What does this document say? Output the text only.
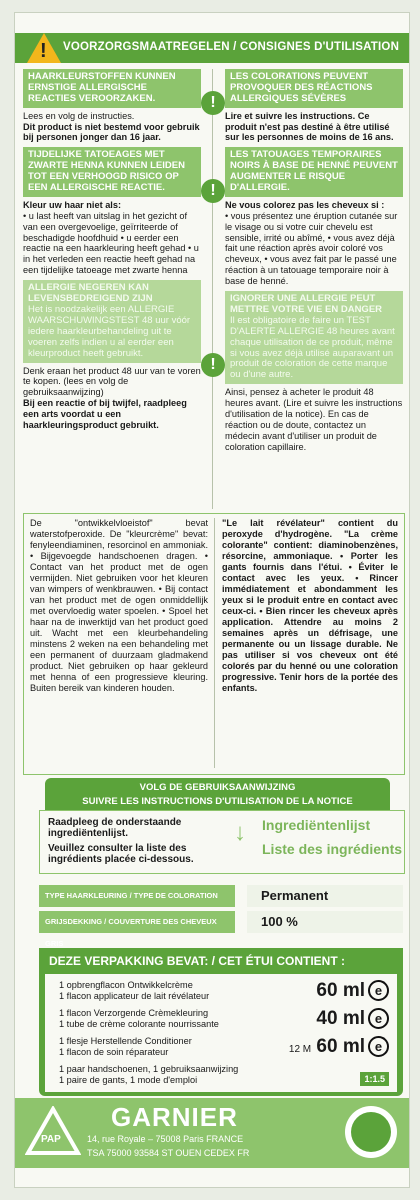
VOORZORGSMAATREGELEN / CONSIGNES D'UTILISATION
!
HAARKLEURSTOFFEN KUNNEN ERNSTIGE ALLERGISCHE REACTIES VEROORZAKEN.
Lees en volg de instructies.
Dit product is niet bestemd voor gebruik bij personen jonger dan 16 jaar.
TIJDELIJKE TATOEAGES MET ZWARTE HENNA KUNNEN LEIDEN TOT EEN VERHOOGD RISICO OP EEN ALLERGISCHE REACTIE.
Kleur uw haar niet als:
• u last heeft van uitslag in het gezicht of van een overgevoelige, geïrriteerde of beschadigde hoofdhuid • u eerder een reactie na een haarkleuring heeft gehad • u in het verleden een reactie heeft gehad na een tijdelijke tatoeage met zwarte henna
ALLERGIE NEGEREN KAN LEVENSBEDREIGEND ZIJN
Het is noodzakelijk een ALLERGIE WAARSCHUWINGSTEST 48 uur vóór iedere haarkleurbehandeling uit te voeren zelfs indien u al eerder een kleurproduct heeft gebruikt.
Denk eraan het product 48 uur van te voren te kopen. (lees en volg de gebruiksaanwijzing)
Bij een reactie of bij twijfel, raadpleeg een arts voordat u een haarkleuringsproduct gebruikt.
!
!
!
LES COLORATIONS PEUVENT PROVOQUER DES RÉACTIONS ALLERGIQUES SÉVÈRES
Lire et suivre les instructions. Ce produit n'est pas destiné à être utilisé sur les personnes de moins de 16 ans.
LES TATOUAGES TEMPORAIRES NOIRS À BASE DE HENNÉ PEUVENT AUGMENTER LE RISQUE D'ALLERGIE.
Ne vous colorez pas les cheveux si :
• vous présentez une éruption cutanée sur le visage ou si votre cuir chevelu est sensible, irrité ou abîmé, • vous avez déjà fait une réaction après avoir coloré vos cheveux, • vous avez fait par le passé une réaction à un tatouage temporaire noir à base de henné.
IGNORER UNE ALLERGIE PEUT METTRE VOTRE VIE EN DANGER
Il est obligatoire de faire un TEST D'ALERTE ALLERGIE 48 heures avant chaque utilisation de ce produit, même si vous avez déjà utilisé auparavant un produit de coloration de cette marque ou d'une autre.
Ainsi, pensez à acheter le produit 48 heures avant. (Lire et suivre les instructions d'utilisation de la notice). En cas de réaction ou de doute, contactez un médecin avant d'utiliser un produit de coloration capillaire.
De "ontwikkelvloeistof" bevat waterstofperoxide. De "kleurcrème" bevat: fenyleendiaminen, resorcinol en ammoniak. • Bijgevoegde handschoenen dragen. • Contact van het product met de ogen vermijden. Niet gebruiken voor het kleuren van wimpers of wenkbrauwen. • Bij contact van het product met de ogen onmiddellijk met overvloedig water spoelen. • Spoel het haar na de inwerktijd van het product goed uit. Wacht met een kleurbehandeling minstens 2 weken na een behandeling met een permanent of duurzaam gladmakend product. Niet gebruiken op haar gekleurd met henna of een progressieve kleuring. Buiten bereik van kinderen houden.
"Le lait révélateur" contient du peroxyde d'hydrogène. "La crème colorante" contient: diaminobenzènes, résorcine, ammoniaque. • Porter les gants fournis dans l'étui. • Éviter le contact avec les yeux. • Rincer immédiatement et abondamment les yeux si le produit entre en contact avec ceux-ci. • Bien rincer les cheveux après application. Attendre au moins 2 semaines après un défrisage, une permanente ou un lissage durable. Ne pas utiliser si vos cheveux ont été colorés par du henné ou une coloration progressive. Tenir hors de la portée des enfants.
VOLG DE GEBRUIKSAANWIJZING
SUIVRE LES INSTRUCTIONS D'UTILISATION DE LA NOTICE
Raadpleeg de onderstaande ingrediëntenlijst.
Veuillez consulter la liste des ingrédients placée ci-dessous.
↓ Ingrediëntenlijst
Liste des ingrédients
TYPE HAARKLEURING / TYPE DE COLORATION	Permanent
GRIJSDEKKING / COUVERTURE DES CHEVEUX GRIS
100 %
DEZE VERPAKKING BEVAT: / CET ÉTUI CONTIENT :
1 opbrengflacon Ontwikkelcrème
1 flacon applicateur de lait révélateur	60 ml e
1 flacon Verzorgende Crèmekleuring
1 tube de crème colorante nourrissante	40 ml e
1 flesje Herstellende Conditioner
1 flacon de soin réparateur	12 M 60 ml e
1 paar handschoenen, 1 gebruiksaanwijzing
1 paire de gants, 1 mode d'emploi	1:1.5
PAP
GARNIER
14, rue Royale – 75008 Paris FRANCE
TSA 75000 93584 ST OUEN CEDEX FR
